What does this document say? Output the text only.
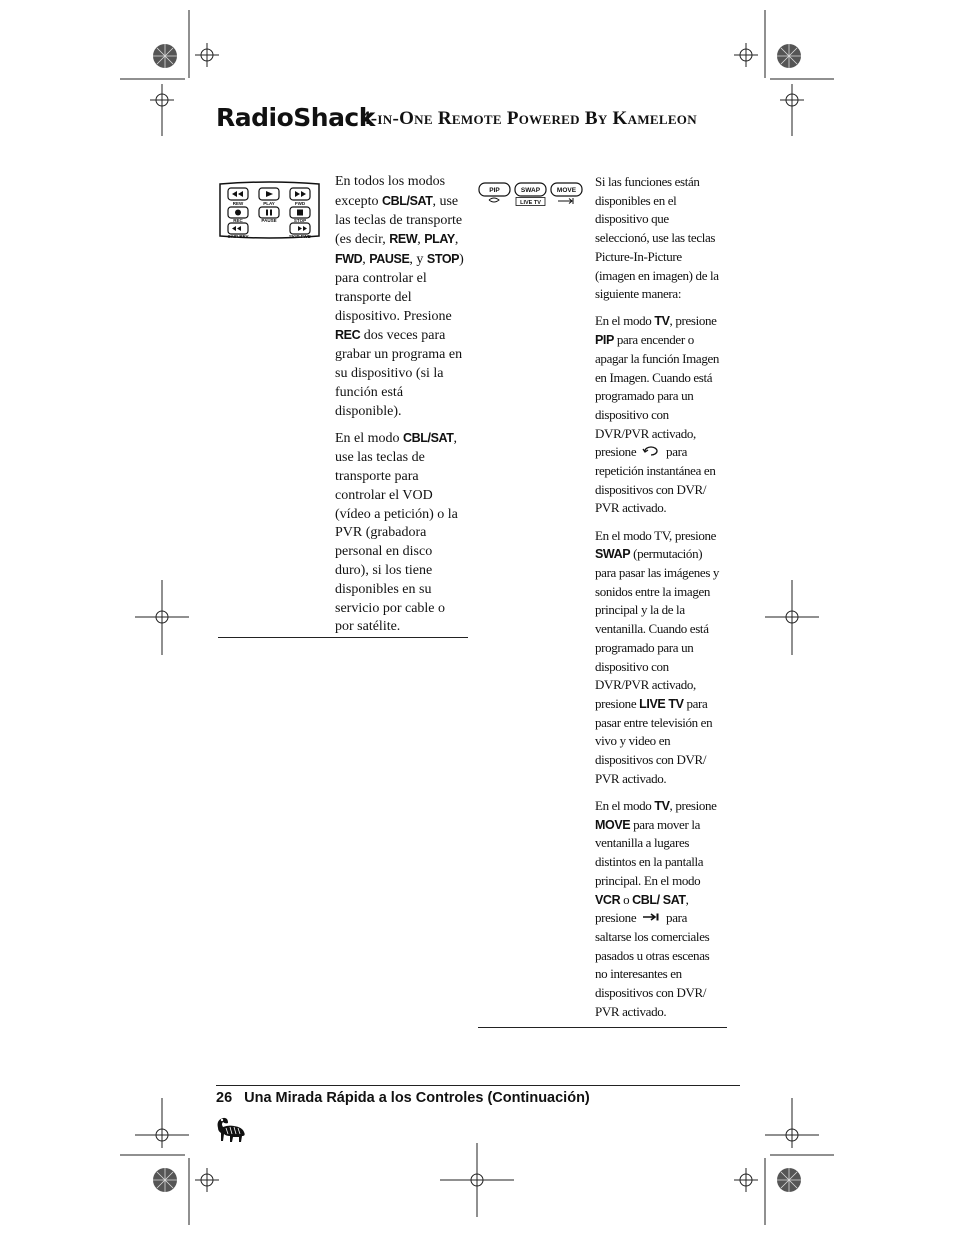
RadioShack
4-in-One Remote Powered By Kameleon
REW	PLAY	FWD
REC	PAUSE	STOP
SKIP REV	SKIP FWD

En todos los modos excepto CBL/SAT, use las teclas de transporte (es decir, REW, PLAY, FWD, PAUSE, y STOP) para controlar el transporte del dispositivo. Presione REC dos veces para grabar un programa en su dispositivo (si la función está disponible).

En el modo CBL/SAT, use las teclas de transporte para controlar el VOD (vídeo a petición) o la PVR (grabadora personal en disco duro), si los tiene disponibles en su servicio por cable o por satélite.

PIP	SWAP	MOVE
LIVE TV

Si las funciones están disponibles en el dispositivo que seleccionó, use las teclas Picture-In-Picture (imagen en imagen) de la siguiente manera:

En el modo TV, presione PIP para encender o apagar la función Imagen en Imagen. Cuando está programado para un dispositivo con DVR/PVR activado, presione  para repetición instantánea en dispositivos con DVR/ PVR activado.

En el modo TV, presione SWAP (permutación) para pasar las imágenes y sonidos entre la imagen principal y la de la ventanilla. Cuando está programado para un dispositivo con DVR/PVR activado, presione LIVE TV para pasar entre televisión en vivo y video en dispositivos con DVR/ PVR activado.

En el modo TV, presione MOVE para mover la ventanilla a lugares distintos en la pantalla principal. En el modo VCR o CBL/ SAT, presione  para saltarse los comerciales pasados u otras escenas no interesantes en dispositivos con DVR/ PVR activado.

26 Una Mirada Rápida a los Controles (Continuación)
